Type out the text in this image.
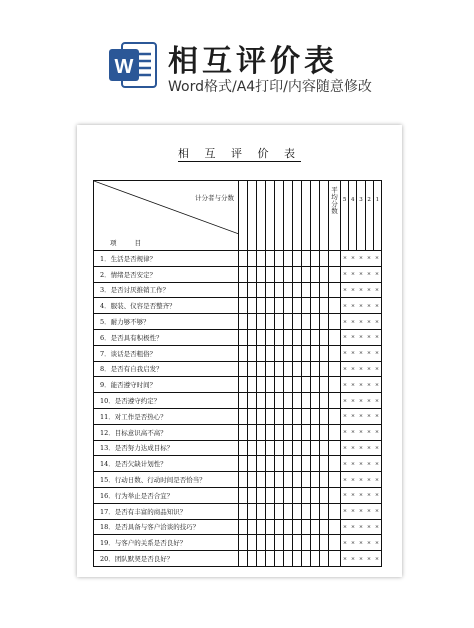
W 相互评价表
Word格式/A4打印/内容随意修改
相 互 评 价 表
计分者与分数
项 目											平 均 分 数	5	4	3	2	1
1．生活是否规律？												× × × × ×				
2．情绪是否安定？												× × × × ×				
3．是否讨厌推销工作？												× × × × ×				
4．服装、仪容是否整齐？												× × × × ×				
5．耐力够不够？												× × × × ×				
6．是否具有积极性？												× × × × ×				
7．谈话是否粗俗？												× × × × ×				
8．是否有自我启发？												× × × × ×				
9．能否遵守时间？												× × × × ×				
10．是否遵守约定？												× × × × ×				
11．对工作是否热心？												× × × × ×				
12．目标意识高不高？												× × × × ×				
13．是否努力达成目标？												× × × × ×				
14．是否欠缺计划性？												× × × × ×				
15．行动日数、行动时间是否恰当？												× × × × ×				
16．行为举止是否合宜？												× × × × ×				
17．是否有丰富的商品知识？												× × × × ×				
18．是否具备与客户洽谈的技巧？												× × × × ×				
19．与客户的关系是否良好？												× × × × ×				
20．团队默契是否良好？												× × × × ×				
